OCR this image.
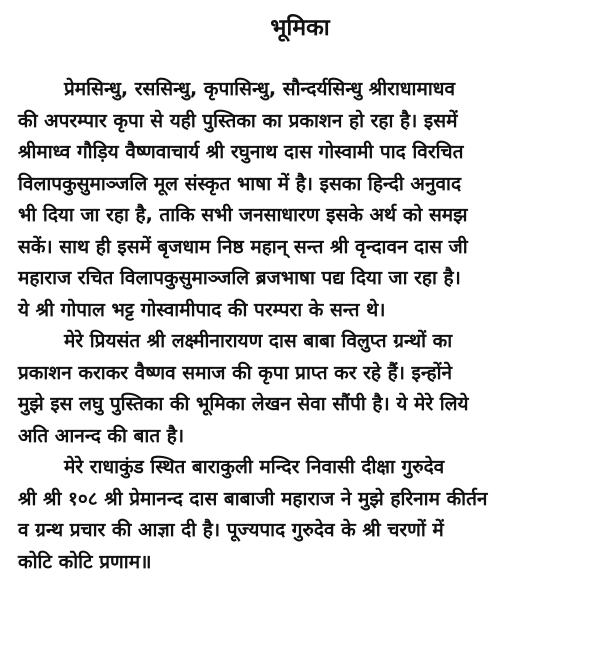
भूमिका
प्रेमसिन्धु, रससिन्धु, कृपासिन्धु, सौन्दर्यसिन्धु श्रीराधामाधव
की अपरम्पार कृपा से यही पुस्तिका का प्रकाशन हो रहा है। इसमें
श्रीमाध्व गौड़िय वैष्णवाचार्य श्री रघुनाथ दास गोस्वामी पाद विरचित
विलापकुसुमाञ्जलि मूल संस्कृत भाषा में है। इसका हिन्दी अनुवाद
भी दिया जा रहा है, ताकि सभी जनसाधारण इसके अर्थ को समझ
सकें। साथ ही इसमें बृजधाम निष्ठ महान् सन्त श्री वृन्दावन दास जी
महाराज रचित विलापकुसुमाञ्जलि ब्रजभाषा पद्य दिया जा रहा है।
ये श्री गोपाल भट्ट गोस्वामीपाद की परम्परा के सन्त थे।
मेरे प्रियसंत श्री लक्ष्मीनारायण दास बाबा विलुप्त ग्रन्थों का
प्रकाशन कराकर वैष्णव समाज की कृपा प्राप्त कर रहे हैं। इन्होंने
मुझे इस लघु पुस्तिका की भूमिका लेखन सेवा सौंपी है। ये मेरे लिये
अति आनन्द की बात है।
मेरे राधाकुंड स्थित बाराकुली मन्दिर निवासी दीक्षा गुरुदेव
श्री श्री १०८ श्री प्रेमानन्द दास बाबाजी महाराज ने मुझे हरिनाम कीर्तन
व ग्रन्थ प्रचार की आज्ञा दी है। पूज्यपाद गुरुदेव के श्री चरणों में
कोटि कोटि प्रणाम॥
